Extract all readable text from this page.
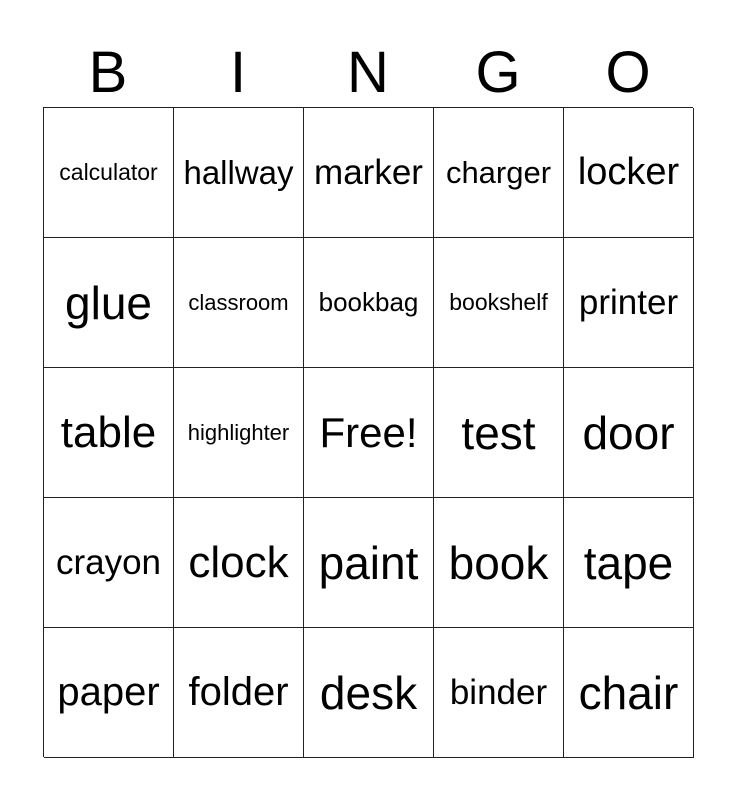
B	I	N	G	O
calculator hallway marker charger locker
glue classroom bookbag bookshelf printer
table highlighter Free! test door
crayon clock paint book tape
paper folder desk binder chair
